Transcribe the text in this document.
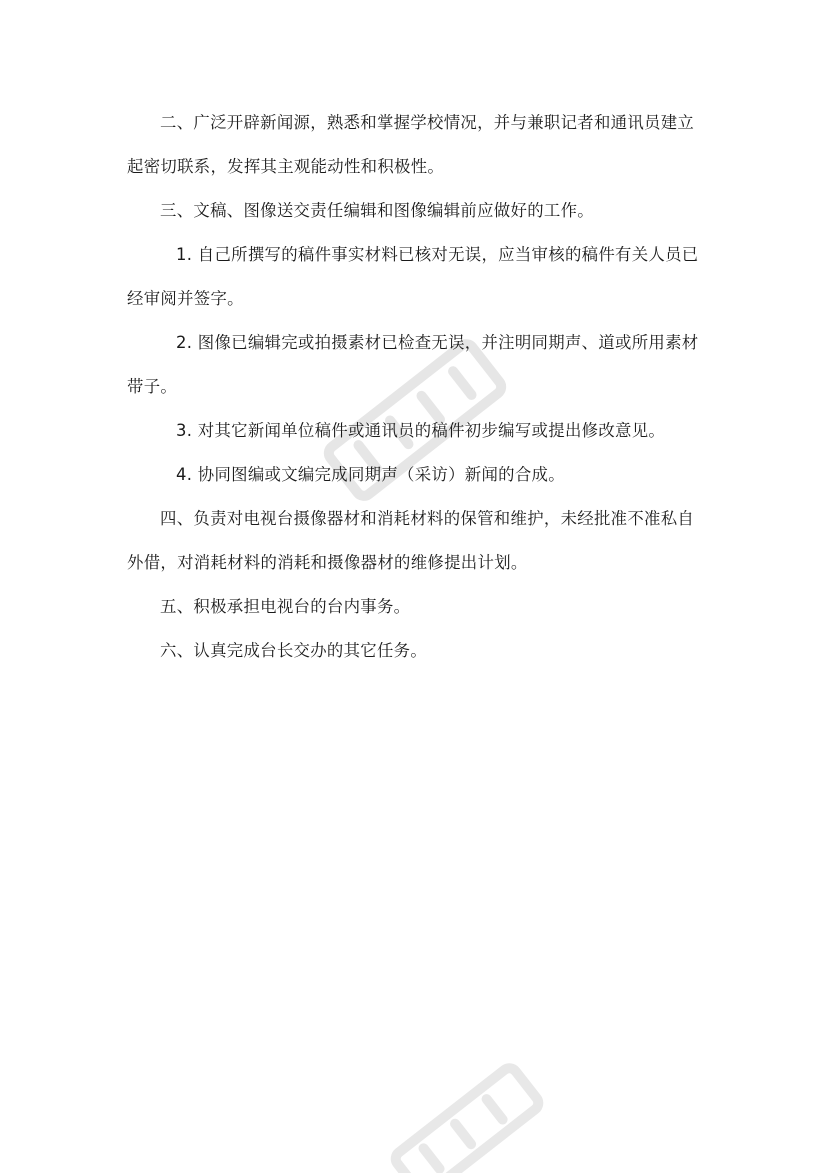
二、广泛开辟新闻源，熟悉和掌握学校情况，并与兼职记者和通讯员建立
起密切联系，发挥其主观能动性和积极性。

三、文稿、图像送交责任编辑和图像编辑前应做好的工作。

1. 自己所撰写的稿件事实材料已核对无误，应当审核的稿件有关人员已
经审阅并签字。

2. 图像已编辑完或拍摄素材已检查无误，并注明同期声、道或所用素材
带子。

3. 对其它新闻单位稿件或通讯员的稿件初步编写或提出修改意见。

4. 协同图编或文编完成同期声（采访）新闻的合成。

四、负责对电视台摄像器材和消耗材料的保管和维护，未经批准不准私自
外借，对消耗材料的消耗和摄像器材的维修提出计划。

五、积极承担电视台的台内事务。

六、认真完成台长交办的其它任务。
